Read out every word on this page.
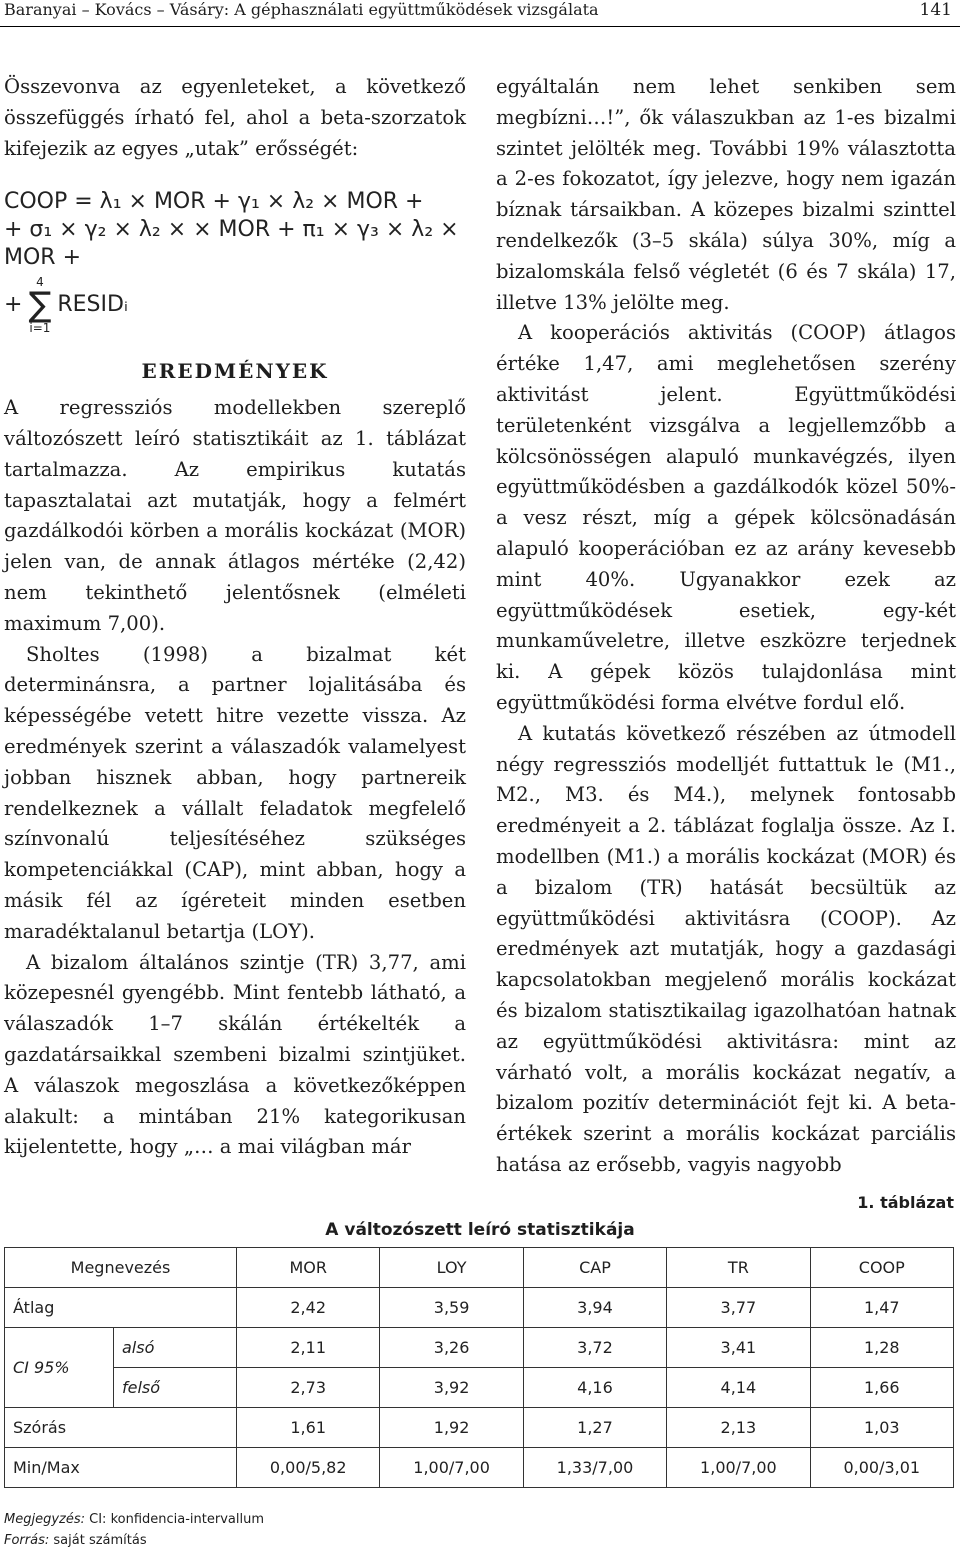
Baranyai – Kovács – Vásáry: A géphasználati együttműködések vizsgálata	141

Összevonva az egyenleteket, a következő összefüggés írható fel, ahol a beta-szorzatok kifejezik az egyes „utak” erősségét:

COOP = λ₁ × MOR + γ₁ × λ₂ × MOR +
+ σ₁ × γ₂ × λ₂ × × MOR + π₁ × γ₃ × λ₂ × MOR +
+
4
∑
i=1
RESIDᵢ
EREDMÉNYEK

A regressziós modellekben szereplő változószett leíró statisztikáit az 1. táblázat tartalmazza. Az empirikus kutatás tapasztalatai azt mutatják, hogy a felmért gazdálkodói körben a morális kockázat (MOR) jelen van, de annak átlagos mértéke (2,42) nem tekinthető jelentősnek (elméleti maximum 7,00).

Sholtes (1998) a bizalmat két determinánsra, a partner lojalitásába és képességébe vetett hitre vezette vissza. Az eredmények szerint a válaszadók valamelyest jobban hisznek abban, hogy partnereik rendelkeznek a vállalt feladatok megfelelő színvonalú teljesítéséhez szükséges kompetenciákkal (CAP), mint abban, hogy a másik fél az ígéreteit minden esetben maradéktalanul betartja (LOY).

A bizalom általános szintje (TR) 3,77, ami közepesnél gyengébb. Mint fentebb látható, a válaszadók 1–7 skálán értékelték a gazdatársaikkal szembeni bizalmi szintjüket. A válaszok megoszlása a következőképpen alakult: a mintában 21% kategorikusan kijelentette, hogy „… a mai világban már

egyáltalán nem lehet senkiben sem megbízni…!”, ők válaszukban az 1-es bizalmi szintet jelölték meg. További 19% választotta a 2-es fokozatot, így jelezve, hogy nem igazán bíznak társaikban. A közepes bizalmi szinttel rendelkezők (3–5 skála) súlya 30%, míg a bizalomskála felső végletét (6 és 7 skála) 17, illetve 13% jelölte meg.

A kooperációs aktivitás (COOP) átlagos értéke 1,47, ami meglehetősen szerény aktivitást jelent. Együttműködési területenként vizsgálva a legjellemzőbb a kölcsönösségen alapuló munkavégzés, ilyen együttműködésben a gazdálkodók közel 50%-a vesz részt, míg a gépek kölcsönadásán alapuló kooperációban ez az arány kevesebb mint 40%. Ugyanakkor ezek az együttműködések esetiek, egy-két munkaműveletre, illetve eszközre terjednek ki. A gépek közös tulajdonlása mint együttműködési forma elvétve fordul elő.

A kutatás következő részében az útmodell négy regressziós modelljét futtattuk le (M1., M2., M3. és M4.), melynek fontosabb eredményeit a 2. táblázat foglalja össze. Az I. modellben (M1.) a morális kockázat (MOR) és a bizalom (TR) hatását becsültük az együttműködési aktivitásra (COOP). Az eredmények azt mutatják, hogy a gazdasági kapcsolatokban megjelenő morális kockázat és bizalom statisztikailag igazolhatóan hatnak az együttműködési aktivitásra: mint az várható volt, a morális kockázat negatív, a bizalom pozitív determinációt fejt ki. A beta-értékek szerint a morális kockázat parciális hatása az erősebb, vagyis nagyobb

1. táblázat
A változószett leíró statisztikája
Megnevezés		MOR	LOY	CAP	TR	COOP
Átlag		2,42	3,59	3,94	3,77	1,47
CI 95%	alsó	2,11	3,26	3,72	3,41	1,28
	felső	2,73	3,92	4,16	4,14	1,66
Szórás		1,61	1,92	1,27	2,13	1,03
Min/Max		0,00/5,82	1,00/7,00	1,33/7,00	1,00/7,00	0,00/3,01
Megjegyzés: CI: konfidencia-intervallum
Forrás: saját számítás
